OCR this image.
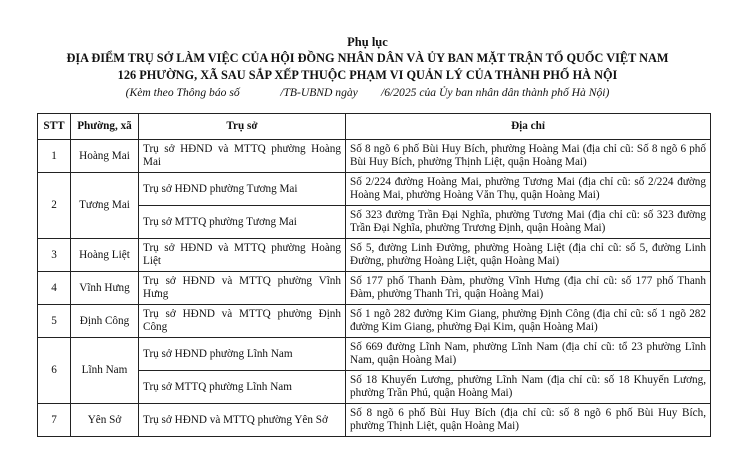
Phụ lục
ĐỊA ĐIỂM TRỤ SỞ LÀM VIỆC CỦA HỘI ĐỒNG NHÂN DÂN VÀ ỦY BAN MẶT TRẬN TỔ QUỐC VIỆT NAM
126 PHƯỜNG, XÃ SAU SẮP XẾP THUỘC PHẠM VI QUẢN LÝ CỦA THÀNH PHỐ HÀ NỘI
(Kèm theo Thông báo số              /TB-UBND ngày        /6/2025 của Ủy ban nhân dân thành phố Hà Nội)
STT	Phường, xã	Trụ sở	Địa chỉ
1	Hoàng Mai	Trụ sở HĐND và MTTQ phường Hoàng Mai	Số 8 ngõ 6 phố Bùi Huy Bích, phường Hoàng Mai (địa chỉ cũ: Số 8 ngõ 6 phố Bùi Huy Bích, phường Thịnh Liệt, quận Hoàng Mai)
2	Tương Mai	Trụ sở HĐND phường Tương Mai	Số 2/224 đường Hoàng Mai, phường Tương Mai (địa chỉ cũ: số 2/224 đường Hoàng Mai, phường Hoàng Văn Thụ, quận Hoàng Mai)
		Trụ sở MTTQ phường Tương Mai	Số 323 đường Trần Đại Nghĩa, phường Tương Mai (địa chỉ cũ: số 323 đường Trần Đại Nghĩa, phường Trương Định, quận Hoàng Mai)
3	Hoàng Liệt	Trụ sở HĐND và MTTQ phường Hoàng Liệt	Số 5, đường Linh Đường, phường Hoàng Liệt (địa chỉ cũ: số 5, đường Linh Đường, phường Hoàng Liệt, quận Hoàng Mai)
4	Vĩnh Hưng	Trụ sở HĐND và MTTQ phường Vĩnh Hưng	Số 177 phố Thanh Đàm, phường Vĩnh Hưng (địa chỉ cũ: số 177 phố Thanh Đàm, phường Thanh Trì, quận Hoàng Mai)
5	Định Công	Trụ sở HĐND và MTTQ phường Định Công	Số 1 ngõ 282 đường Kim Giang, phường Định Công (địa chỉ cũ: số 1 ngõ 282 đường Kim Giang, phường Đại Kim, quận Hoàng Mai)
6	Lĩnh Nam	Trụ sở HĐND phường Lĩnh Nam	Số 669 đường Lĩnh Nam, phường Lĩnh Nam (địa chỉ cũ: tổ 23 phường Lĩnh Nam, quận Hoàng Mai)
		Trụ sở MTTQ phường Lĩnh Nam	Số 18 Khuyến Lương, phường Lĩnh Nam (địa chỉ cũ: số 18 Khuyến Lương, phường Trần Phú, quận Hoàng Mai)
7	Yên Sở	Trụ sở HĐND và MTTQ phường Yên Sở	Số 8 ngõ 6 phố Bùi Huy Bích (địa chỉ cũ: số 8 ngõ 6 phố Bùi Huy Bích, phường Thịnh Liệt, quận Hoàng Mai)
